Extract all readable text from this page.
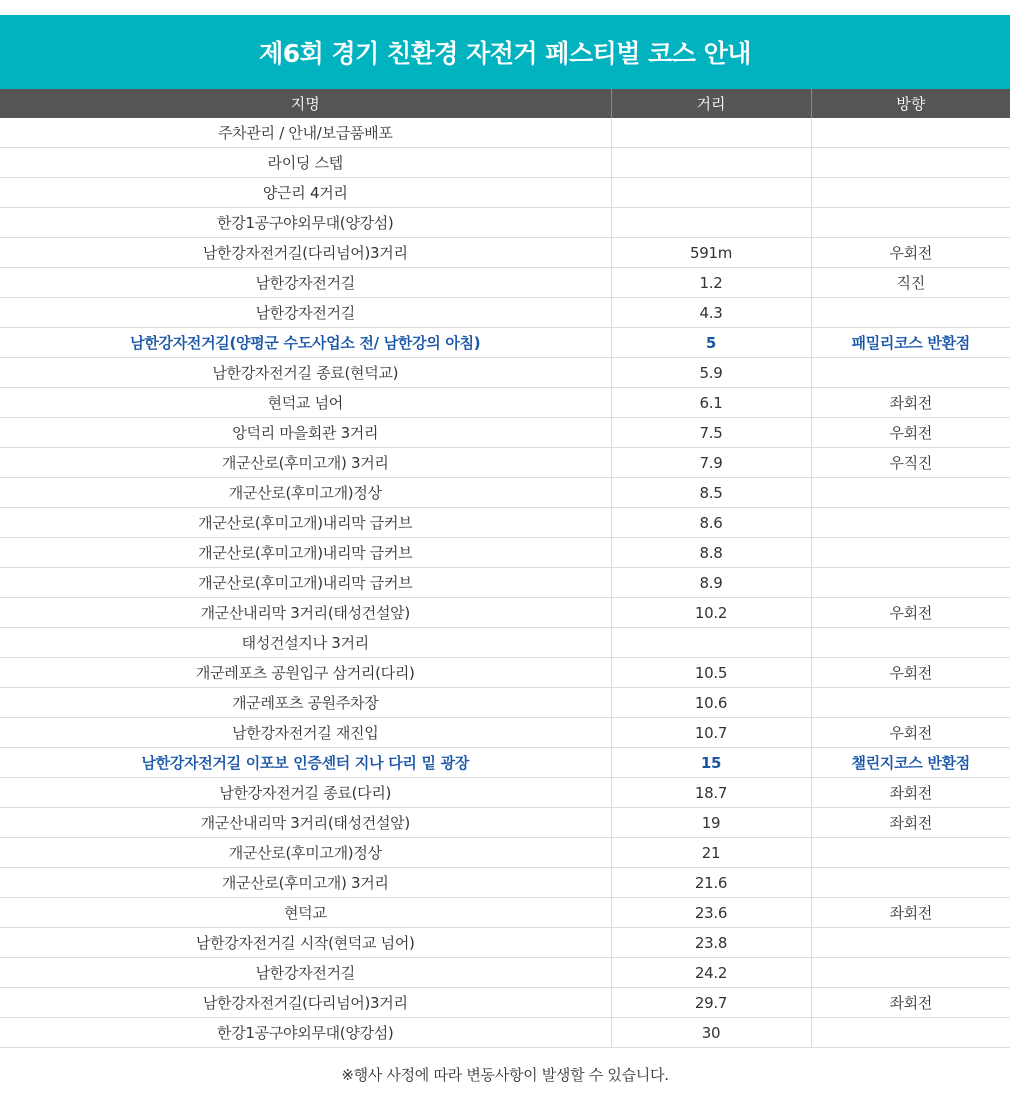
제6회 경기 친환경 자전거 페스티벌 코스 안내
지명	거리	방향
주차관리 / 안내/보급품배포		
라이딩 스텝		
양근리 4거리		
한강1공구야외무대(양강섬)		
남한강자전거길(다리넘어)3거리	591m	우회전
남한강자전거길	1.2	직진
남한강자전거길	4.3	
남한강자전거길(양평군 수도사업소 전/ 남한강의 아침)	5	패밀리코스 반환점
남한강자전거길 종료(현덕교)	5.9	
현덕교 넘어	6.1	좌회전
앙덕리 마을회관 3거리	7.5	우회전
개군산로(후미고개) 3거리	7.9	우직진
개군산로(후미고개)정상	8.5	
개군산로(후미고개)내리막 급커브	8.6	
개군산로(후미고개)내리막 급커브	8.8	
개군산로(후미고개)내리막 급커브	8.9	
개군산내리막 3거리(태성건설앞)	10.2	우회전
태성건설지나 3거리		
개군레포츠 공원입구 삼거리(다리)	10.5	우회전
개군레포츠 공원주차장	10.6	
남한강자전거길 재진입	10.7	우회전
남한강자전거길 이포보 인증센터 지나 다리 밑 광장	15	챌린지코스 반환점
남한강자전거길 종료(다리)	18.7	좌회전
개군산내리막 3거리(태성건설앞)	19	좌회전
개군산로(후미고개)정상	21	
개군산로(후미고개) 3거리	21.6	
현덕교	23.6	좌회전
남한강자전거길 시작(현덕교 넘어)	23.8	
남한강자전거길	24.2	
남한강자전거길(다리넘어)3거리	29.7	좌회전
한강1공구야외무대(양강섬)	30	
※행사 사정에 따라 변동사항이 발생할 수 있습니다.
